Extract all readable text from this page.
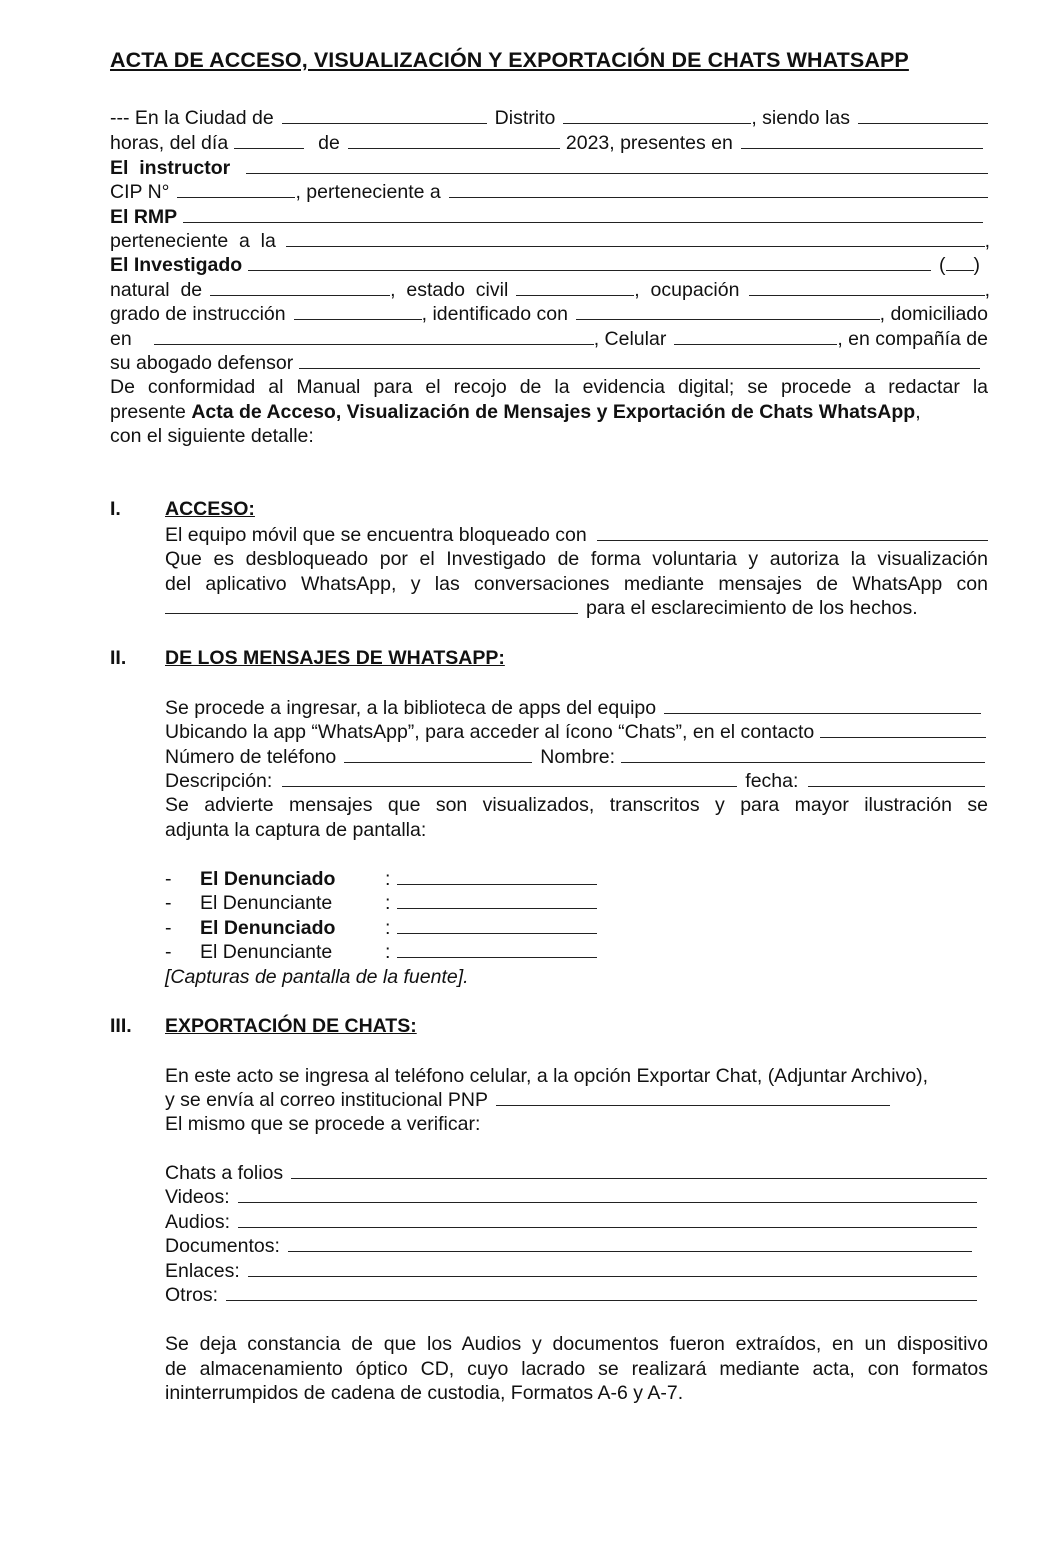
ACTA DE ACCESO, VISUALIZACIÓN Y EXPORTACIÓN DE CHATS WHATSAPP
--- En la Ciudad de	Distrito	, siendo las
horas, del día	de	2023, presentes en
El  instructor
CIP N°	, perteneciente a
El RMP
perteneciente  a  la	,
El Investigado	( )
natural  de	,  estado  civil	,  ocupación	,
grado de instrucción	, identificado con	, domiciliado
en	, Celular	, en compañía de
su abogado defensor
De conformidad al Manual para el recojo de la evidencia digital; se procede a redactar la
presente Acta de Acceso, Visualización de Mensajes y Exportación de Chats WhatsApp,
con el siguiente detalle:
I. ACCESO:
El equipo móvil que se encuentra bloqueado con
Que es desbloqueado por el Investigado de forma voluntaria y autoriza la visualización
del aplicativo WhatsApp, y las conversaciones mediante mensajes de WhatsApp con
para el esclarecimiento de los hechos.
II. DE LOS MENSAJES DE WHATSAPP:
Se procede a ingresar, a la biblioteca de apps del equipo
Ubicando la app “WhatsApp”, para acceder al ícono “Chats”, en el contacto
Número de teléfono	Nombre:
Descripción:	fecha:
Se advierte mensajes que son visualizados, transcritos y para mayor ilustración se
adjunta la captura de pantalla:
-	El Denunciado	:
-	El Denunciante	:
-	El Denunciado	:
-	El Denunciante	:
[Capturas de pantalla de la fuente].
III. EXPORTACIÓN DE CHATS:
En este acto se ingresa al teléfono celular, a la opción Exportar Chat, (Adjuntar Archivo),
y se envía al correo institucional PNP
El mismo que se procede a verificar:
Chats a folios
Videos:
Audios:
Documentos:
Enlaces:
Otros:
Se deja constancia de que los Audios y documentos fueron extraídos, en un dispositivo
de almacenamiento óptico CD, cuyo lacrado se realizará mediante acta, con formatos
ininterrumpidos de cadena de custodia, Formatos A-6 y A-7.
